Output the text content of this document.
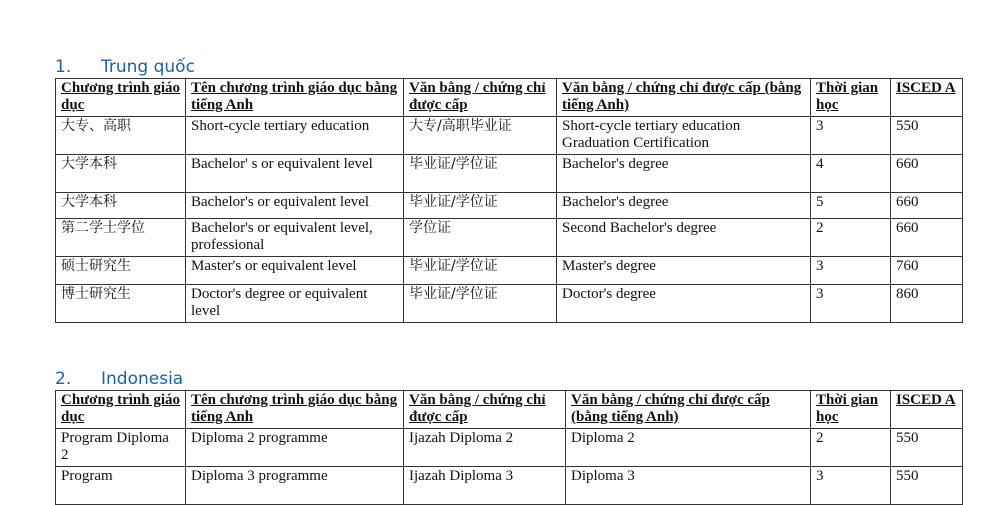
1. Trung quốc
Chương trình giáo dục	Tên chương trình giáo dục bằng tiếng Anh	Văn bằng / chứng chỉ được cấp	Văn bằng / chứng chỉ được cấp (bằng tiếng Anh)	Thời gian học	ISCED A
大专、高职	Short-cycle tertiary education	大专/高职毕业证	Short-cycle tertiary education Graduation Certification	3	550
大学本科	Bachelor' s or equivalent level	毕业证/学位证	Bachelor's degree	4	660
大学本科	Bachelor's or equivalent level	毕业证/学位证	Bachelor's degree	5	660
第二学士学位	Bachelor's or equivalent level, professional	学位证	Second Bachelor's degree	2	660
硕士研究生	Master's or equivalent level	毕业证/学位证	Master's degree	3	760
博士研究生	Doctor's degree or equivalent level	毕业证/学位证	Doctor's degree	3	860
2. Indonesia
Chương trình giáo dục	Tên chương trình giáo dục bằng tiếng Anh	Văn bằng / chứng chỉ được cấp	Văn bằng / chứng chỉ được cấp (bằng tiếng Anh)	Thời gian học	ISCED A
Program Diploma 2	Diploma 2 programme	Ijazah Diploma 2	Diploma 2	2	550
Program	Diploma 3 programme	Ijazah Diploma 3	Diploma 3	3	550
